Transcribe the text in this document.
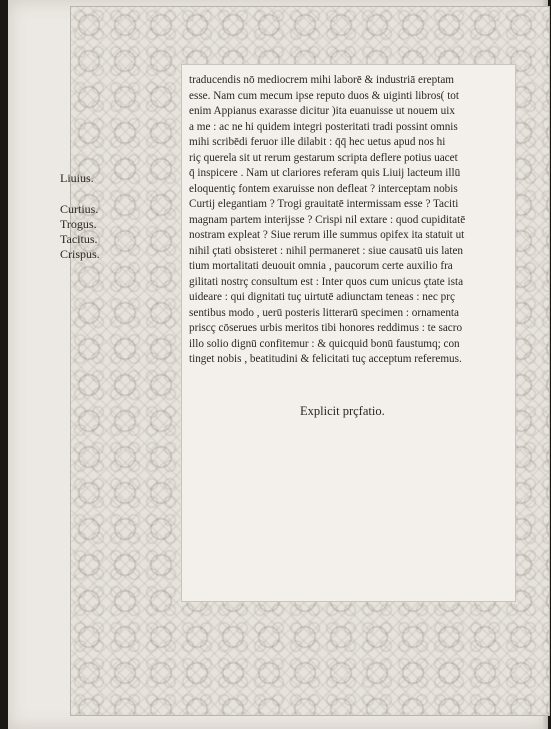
traducendis nō mediocrem mihi laborē & industriā ereptam
esse. Nam cum mecum ipse reputo duos & uiginti libros( tot
enim Appianus exarasse dicitur )ita euanuisse ut nouem uix
a me : ac ne hi quidem integri posteritati tradi possint omnis
mihi scribēdi feruor ille dilabit : q̄q̄ hec uetus apud nos hi
riç querela sit ut rerum gestarum scripta deflere potius uacet
q̄ inspicere . Nam ut clariores referam quis Liuij lacteum illū
eloquentiç fontem exaruisse non defleat ? interceptam nobis
Curtij elegantiam ? Trogi grauitatē intermissam esse ? Taciti
magnam partem interijsse ? Crispi nil extare : quod cupiditatē
nostram expleat ? Siue rerum ille summus opifex ita statuit ut
nihil çtati obsisteret : nihil permaneret : siue causatū uis laten
tium mortalitati deuouit omnia , paucorum certe auxilio fra
gilitati nostrç consultum est : Inter quos cum unicus çtate ista
uideare : qui dignitati tuç uirtutē adiunctam teneas : nec prç
sentibus modo , uerū posteris litterarū specimen : ornamenta
priscç cōserues urbis meritos tibi honores reddimus : te sacro
illo solio dignū confitemur : & quicquid bonū faustumq; con
tinget nobis , beatitudini & felicitati tuç acceptum referemus.
Liuius.
Curtius.
Trogus.
Tacitus.
Crispus.
Explicit prçfatio.
